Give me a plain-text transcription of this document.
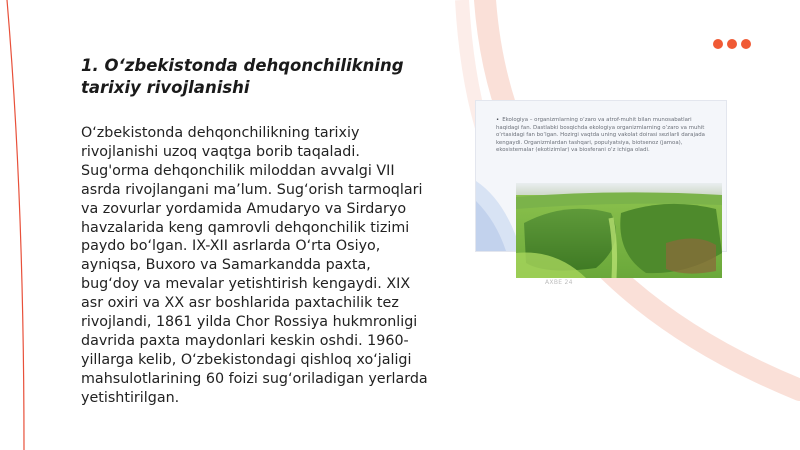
1. O‘zbekistonda dehqonchilikning tarixiy rivojlanishi
O‘zbekistonda dehqonchilikning tarixiy rivojlanishi uzoq vaqtga borib taqaladi. Sug'orma dehqonchilik miloddan avvalgi VII asrda rivojlangani ma’lum. Sug‘orish tarmoqlari va zovurlar yordamida Amudaryo va Sirdaryo havzalarida keng qamrovli dehqonchilik tizimi paydo bo‘lgan. IX-XII asrlarda O‘rta Osiyo, ayniqsa, Buxoro va Samarkandda paxta, bug‘doy va mevalar yetishtirish kengaydi. XIX asr oxiri va XX asr boshlarida paxtachilik tez rivojlandi, 1861 yilda Chor Rossiya hukmronligi davrida paxta maydonlari keskin oshdi. 1960-yillarga kelib, O‘zbekistondagi qishloq xo‘jaligi mahsulotlarining 60 foizi sug‘oriladigan yerlarda yetishtirilgan.
• Ekologiya – organizmlarning o‘zaro va atrof-muhit bilan munosabatlari haqidagi fan. Dastlabki bosqichda ekologiya organizmlarning o‘zaro va muhit o‘rtasidagi fan bo‘lgan. Hozirgi vaqtda uning vakolat doirasi sezilarli darajada kengaydi. Organizmlardan tashqari, populyatsiya, biotsenoz (jamoa), ekosistemalar (ekotizimlar) va biosferani o‘z ichiga oladi.
AXBE 24
